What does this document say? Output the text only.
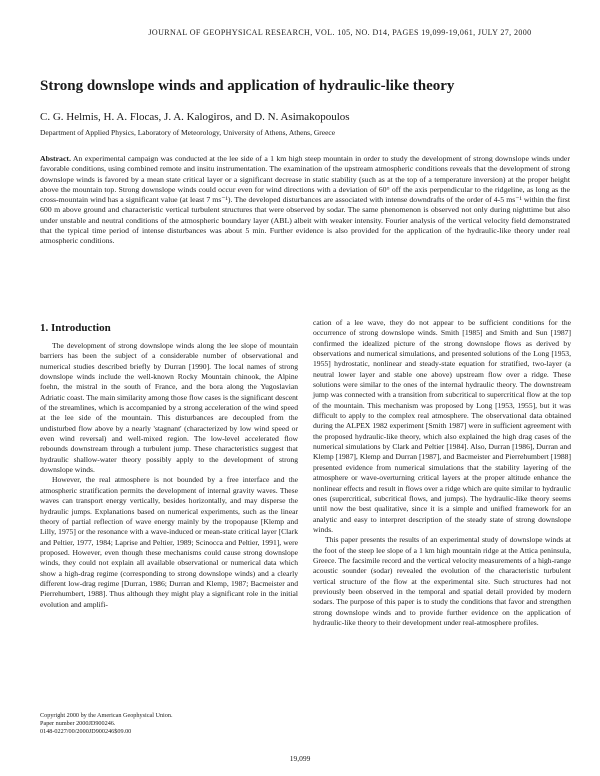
JOURNAL OF GEOPHYSICAL RESEARCH, VOL. 105, NO. D14, PAGES 19,099-19,061, JULY 27, 2000
Strong downslope winds and application of hydraulic-like theory
C. G. Helmis, H. A. Flocas, J. A. Kalogiros, and D. N. Asimakopoulos
Department of Applied Physics, Laboratory of Meteorology, University of Athens, Athens, Greece
Abstract. An experimental campaign was conducted at the lee side of a 1 km high steep mountain in order to study the development of strong downslope winds under favorable conditions, using combined remote and insitu instrumentation. The examination of the upstream atmospheric conditions reveals that the development of strong downslope winds is favored by a mean state critical layer or a significant decrease in static stability (such as at the top of a temperature inversion) at the proper height above the mountain top. Strong downslope winds could occur even for wind directions with a deviation of 60° off the axis perpendicular to the ridgeline, as long as the cross-mountain wind has a significant value (at least 7 ms⁻¹). The developed disturbances are associated with intense downdrafts of the order of 4-5 ms⁻¹ within the first 600 m above ground and characteristic vertical turbulent structures that were observed by sodar. The same phenomenon is observed not only during nighttime but also under unstable and neutral conditions of the atmospheric boundary layer (ABL) albeit with weaker intensity. Fourier analysis of the vertical velocity field demonstrated that the typical time period of intense disturbances was about 5 min. Further evidence is also provided for the application of the hydraulic-like theory under real atmospheric conditions.
1. Introduction

The development of strong downslope winds along the lee slope of mountain barriers has been the subject of a considerable number of observational and numerical studies described briefly by Durran [1990]. The local names of strong downslope winds include the well-known Rocky Mountain chinook, the Alpine foehn, the mistral in the south of France, and the bora along the Yugoslavian Adriatic coast. The main similarity among those flow cases is the significant descent of the streamlines, which is accompanied by a strong acceleration of the wind speed at the lee side of the mountain. This disturbances are decoupled from the undisturbed flow above by a nearly 'stagnant' (characterized by low wind speed or even wind reversal) and well-mixed region. The low-level accelerated flow rebounds downstream through a turbulent jump. These characteristics suggest that hydraulic shallow-water theory possibly apply to the development of strong downslope winds.

However, the real atmosphere is not bounded by a free interface and the atmospheric stratification permits the development of internal gravity waves. These waves can transport energy vertically, besides horizontally, and may disperse the hydraulic jumps. Explanations based on numerical experiments, such as the linear theory of partial reflection of wave energy mainly by the tropopause [Klemp and Lilly, 1975] or the resonance with a wave-induced or mean-state critical layer [Clark and Peltier, 1977, 1984; Laprise and Peltier, 1989; Scinocca and Peltier, 1991], were proposed. However, even though these mechanisms could cause strong downslope winds, they could not explain all available observational or numerical data which show a high-drag regime (corresponding to strong downslope winds) and a clearly different low-drag regime [Durran, 1986; Durran and Klemp, 1987; Bacmeister and Pierrehumbert, 1988]. Thus although they might play a significant role in the initial evolution and amplifi-

cation of a lee wave, they do not appear to be sufficient conditions for the occurrence of strong downslope winds. Smith [1985] and Smith and Sun [1987] confirmed the idealized picture of the strong downslope flows as derived by observations and numerical simulations, and presented solutions of the Long [1953, 1955] hydrostatic, nonlinear and steady-state equation for stratified, two-layer (a neutral lower layer and stable one above) upstream flow over a ridge. These solutions were similar to the ones of the internal hydraulic theory. The downstream jump was connected with a transition from subcritical to supercritical flow at the top of the mountain. This mechanism was proposed by Long [1953, 1955], but it was difficult to apply to the complex real atmosphere. The observational data obtained during the ALPEX 1982 experiment [Smith 1987] were in sufficient agreement with the proposed hydraulic-like theory, which also explained the high drag cases of the numerical simulations by Clark and Peltier [1984]. Also, Durran [1986], Durran and Klemp [1987], Klemp and Durran [1987], and Bacmeister and Pierrehumbert [1988] presented evidence from numerical simulations that the stability layering of the atmosphere or wave-overturning critical layers at the proper altitude enhance the nonlinear effects and result in flows over a ridge which are quite similar to hydraulic ones (supercritical, subcritical flows, and jumps). The hydraulic-like theory seems until now the best qualitative, since it is a simple and unified framework for an analytic and easy to interpret description of the steady state of strong downslope winds.

This paper presents the results of an experimental study of downslope winds at the foot of the steep lee slope of a 1 km high mountain ridge at the Attica peninsula, Greece. The facsimile record and the vertical velocity measurements of a high-range acoustic sounder (sodar) revealed the evolution of the characteristic turbulent vertical structure of the flow at the experimental site. Such structures had not previously been observed in the temporal and spatial detail provided by modern sodars. The purpose of this paper is to study the conditions that favor and strengthen strong downslope winds and to provide further evidence on the application of hydraulic-like theory to their development under real-atmosphere profiles.

Copyright 2000 by the American Geophysical Union.
Paper number 2000JD900246.
0148-0227/00/2000JD900246$09.00
19,099
